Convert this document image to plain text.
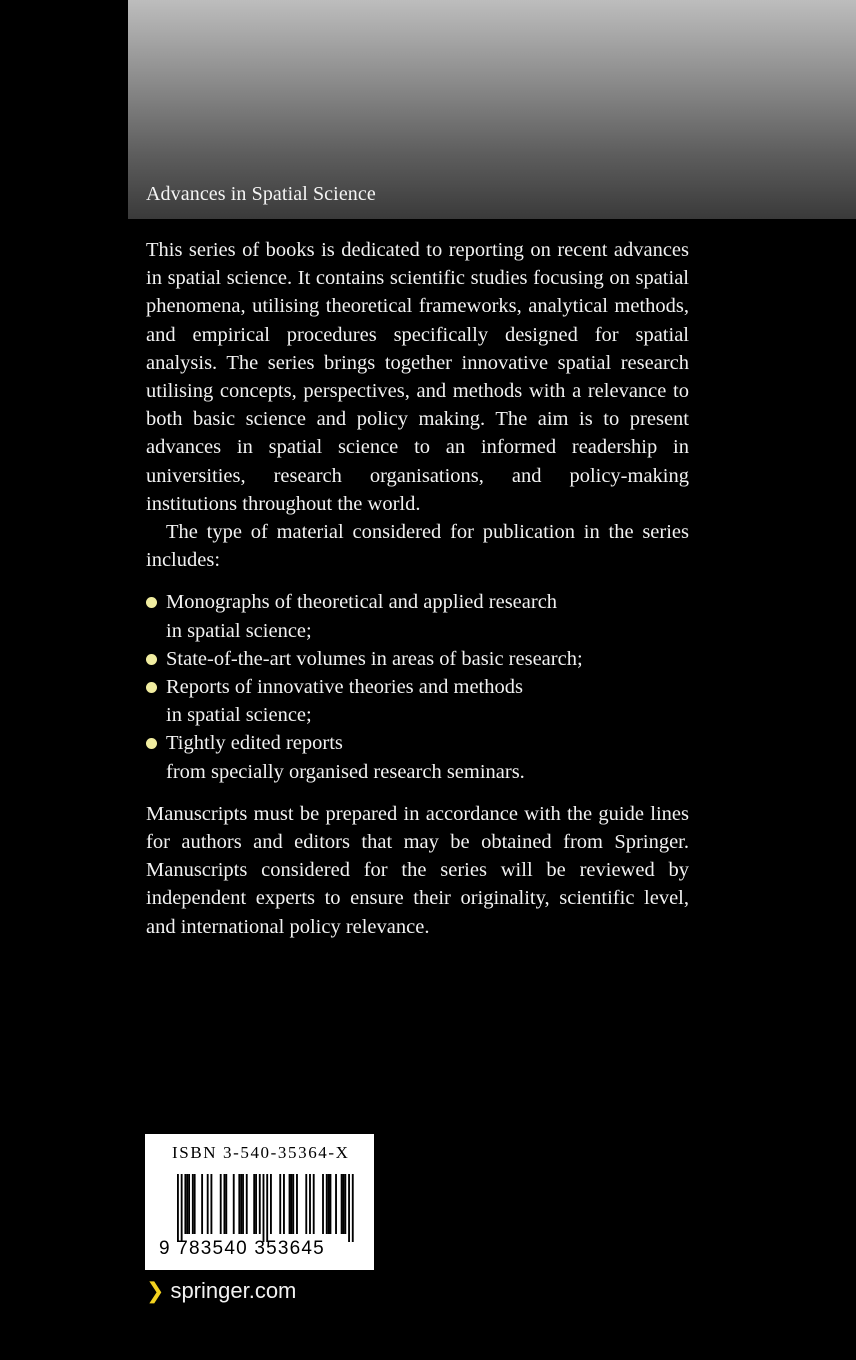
Advances in Spatial Science

This series of books is dedicated to reporting on recent advances in spatial science. It contains scientific studies focusing on spatial phenomena, utilising theoretical frameworks, analytical methods, and empirical procedures specifically designed for spatial analysis. The series brings together innovative spatial research utilising concepts, perspectives, and methods with a relevance to both basic science and policy making. The aim is to present advances in spatial science to an informed readership in universities, research organisations, and policy-making institutions throughout the world.

The type of material considered for publication in the series includes:

Monographs of theoretical and applied research
in spatial science;
State-of-the-art volumes in areas of basic research;
Reports of innovative theories and methods
in spatial science;
Tightly edited reports
from specially organised research seminars.

Manuscripts must be prepared in accordance with the guide lines for authors and editors that may be obtained from Springer. Manuscripts considered for the series will be reviewed by independent experts to ensure their originality, scientific level, and international policy relevance.

ISBN 3-540-35364-X
9 783540 353645
❯ springer.com
